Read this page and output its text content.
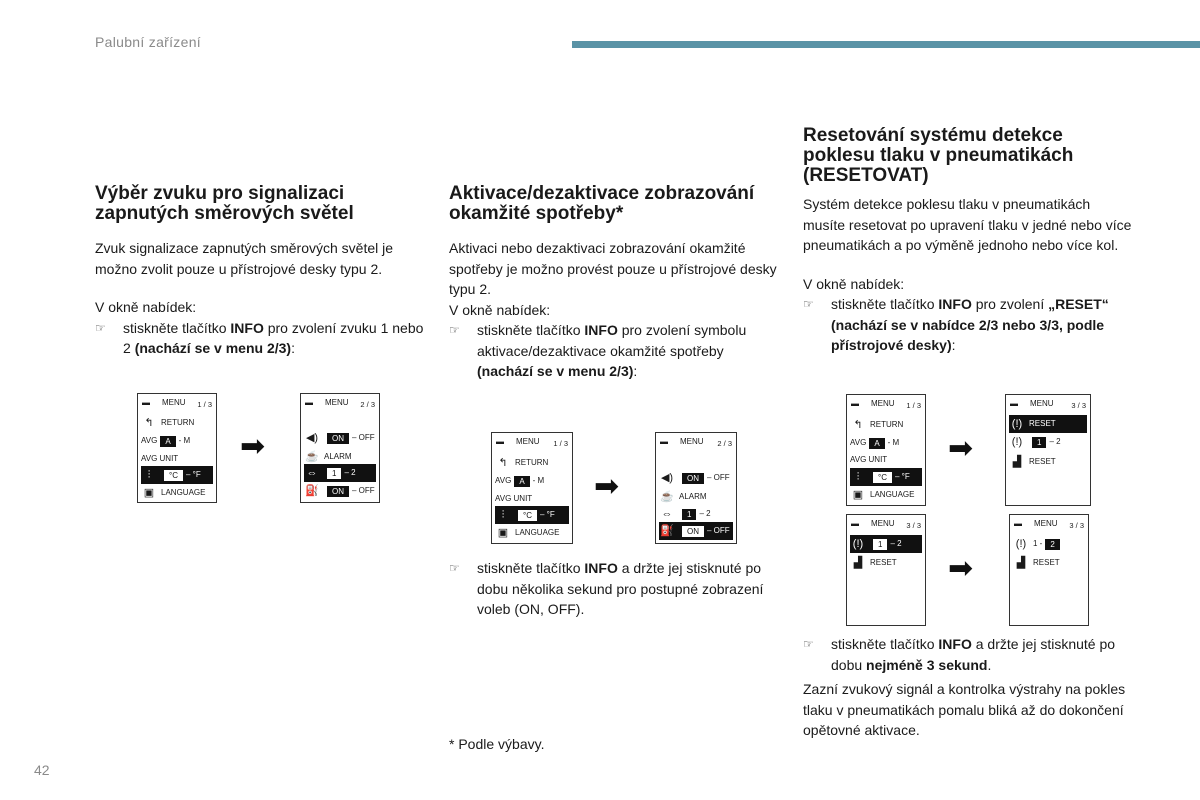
Palubní zařízení
42
Výběr zvuku pro signalizaci zapnutých směrových světel

Zvuk signalizace zapnutých směrových světel je možno zvolit pouze u přístrojové desky typu 2.

V okně nabídek:

☞ stiskněte tlačítko INFO pro zvolení zvuku 1 nebo 2 (nachází se v menu 2/3):
Aktivace/dezaktivace zobrazování okamžité spotřeby*

Aktivaci nebo dezaktivaci zobrazování okamžité spotřeby je možno provést pouze u přístrojové desky typu 2.

V okně nabídek:

☞ stiskněte tlačítko INFO pro zvolení symbolu aktivace/dezaktivace okamžité spotřeby (nachází se v menu 2/3):
☞ stiskněte tlačítko INFO a držte jej stisknuté po dobu několika sekund pro postupné zobrazení voleb (ON, OFF).
* Podle výbavy.
Resetování systému detekce poklesu tlaku v pneumatikách (RESETOVAT)

Systém detekce poklesu tlaku v pneumatikách musíte resetovat po upravení tlaku v jedné nebo více pneumatikách a po výměně jednoho nebo více kol.

V okně nabídek:

☞ stiskněte tlačítko INFO pro zvolení „RESET“ (nachází se v nabídce 2/3 nebo 3/3, podle přístrojové desky):
☞ stiskněte tlačítko INFO a držte jej stisknuté po dobu nejméně 3 sekund.

Zazní zvukový signál a kontrolka výstrahy na pokles tlaku v pneumatikách pomalu bliká až do dokončení opětovné aktivace.

▬ MENU 1 / 3
↰ RETURN
AVG	A	- M
AVG UNIT
⫶	°C	– °F
▣ LANGUAGE
➡
▬ MENU 2 / 3
◀)	ON	– OFF
☕ ALARM
⇔	1	– 2
⛽	ON	– OFF
▬ MENU 1 / 3
↰ RETURN
AVG	A	- M
AVG UNIT
⫶	°C	– °F
▣ LANGUAGE
➡
▬ MENU 2 / 3
◀)	ON	– OFF
☕ ALARM
⇔	1	– 2
⛽	ON	– OFF
▬ MENU 1 / 3
↰ RETURN
AVG	A	- M
AVG UNIT
⫶	°C	– °F
▣ LANGUAGE
➡
▬ MENU 3 / 3
(!) RESET
(!)	1	– 2
▟ RESET
▬ MENU 3 / 3
(!)	1	– 2
▟ RESET ➡
▬ MENU 3 / 3
(!) 1 -	2
▟ RESET
